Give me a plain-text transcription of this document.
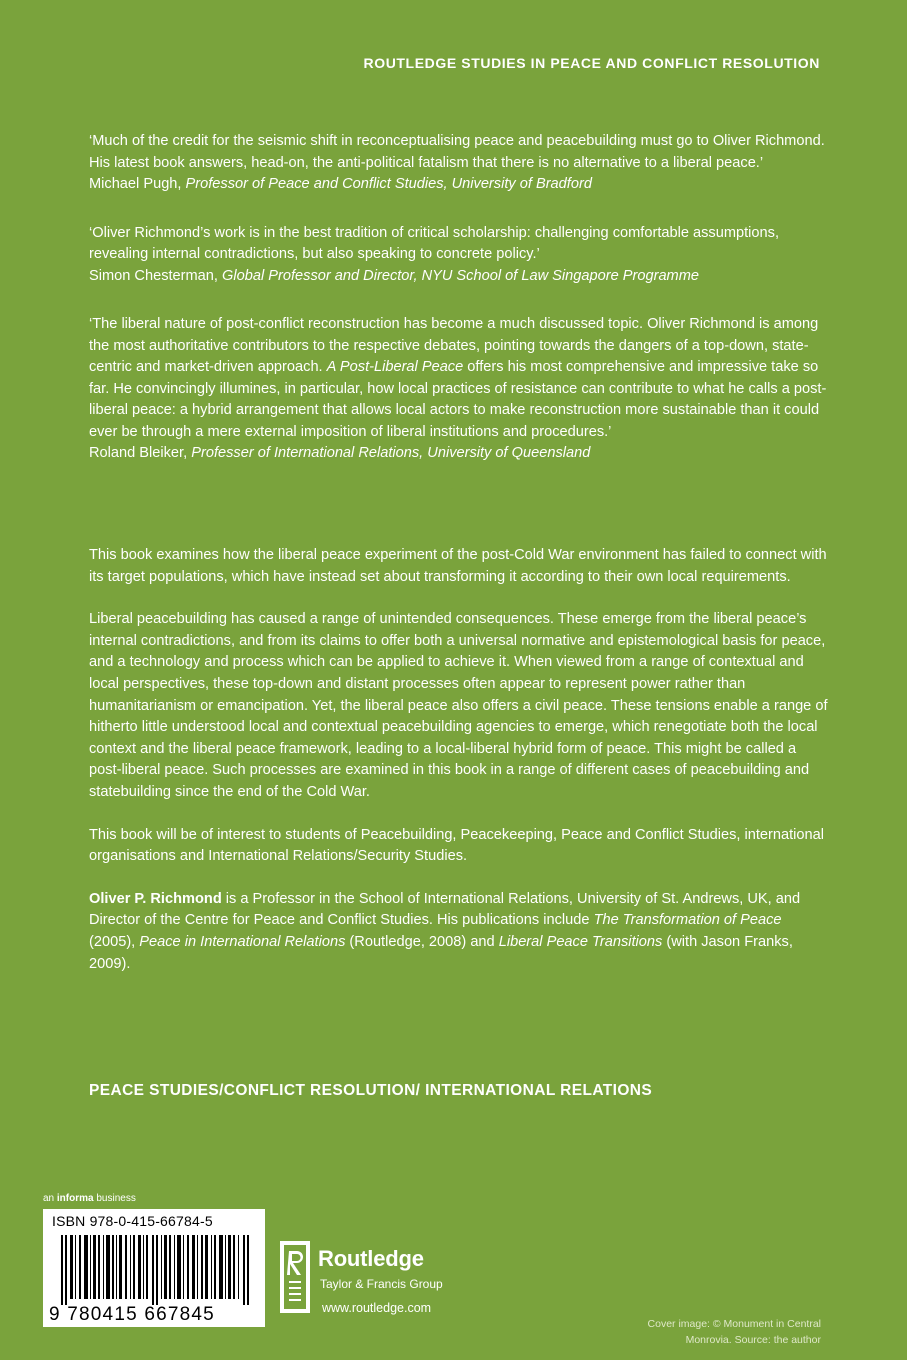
ROUTLEDGE STUDIES IN PEACE AND CONFLICT RESOLUTION

‘Much of the credit for the seismic shift in reconceptualising peace and peacebuilding must go to Oliver Richmond. His latest book answers, head-on, the anti-political fatalism that there is no alternative to a liberal peace.’

Michael Pugh, Professor of Peace and Conflict Studies, University of Bradford

‘Oliver Richmond’s work is in the best tradition of critical scholarship: challenging comfortable assumptions, revealing internal contradictions, but also speaking to concrete policy.’

Simon Chesterman, Global Professor and Director, NYU School of Law Singapore Programme

‘The liberal nature of post-conflict reconstruction has become a much discussed topic. Oliver Richmond is among the most authoritative contributors to the respective debates, pointing towards the dangers of a top-down, state-centric and market-driven approach. A Post-Liberal Peace offers his most comprehensive and impressive take so far. He convincingly illumines, in particular, how local practices of resistance can contribute to what he calls a post-liberal peace: a hybrid arrangement that allows local actors to make reconstruction more sustainable than it could ever be through a mere external imposition of liberal institutions and procedures.’

Roland Bleiker, Professer of International Relations, University of Queensland

This book examines how the liberal peace experiment of the post-Cold War environment has failed to connect with its target populations, which have instead set about transforming it according to their own local requirements.

Liberal peacebuilding has caused a range of unintended consequences. These emerge from the liberal peace’s internal contradictions, and from its claims to offer both a universal normative and epistemological basis for peace, and a technology and process which can be applied to achieve it. When viewed from a range of contextual and local perspectives, these top-down and distant processes often appear to represent power rather than humanitarianism or emancipation. Yet, the liberal peace also offers a civil peace. These tensions enable a range of hitherto little understood local and contextual peacebuilding agencies to emerge, which renegotiate both the local context and the liberal peace framework, leading to a local-liberal hybrid form of peace. This might be called a post-liberal peace. Such processes are examined in this book in a range of different cases of peacebuilding and statebuilding since the end of the Cold War.

This book will be of interest to students of Peacebuilding, Peacekeeping, Peace and Conflict Studies, international organisations and International Relations/Security Studies.

Oliver P. Richmond is a Professor in the School of International Relations, University of St. Andrews, UK, and Director of the Centre for Peace and Conflict Studies. His publications include The Transformation of Peace (2005), Peace in International Relations (Routledge, 2008) and Liberal Peace Transitions (with Jason Franks, 2009).

PEACE STUDIES/CONFLICT RESOLUTION/ INTERNATIONAL RELATIONS
an informa business
ISBN 978-0-415-66784-5
9 780415 667845
Routledge
Taylor & Francis Group
www.routledge.com
Cover image: © Monument in Central Monrovia. Source: the author
